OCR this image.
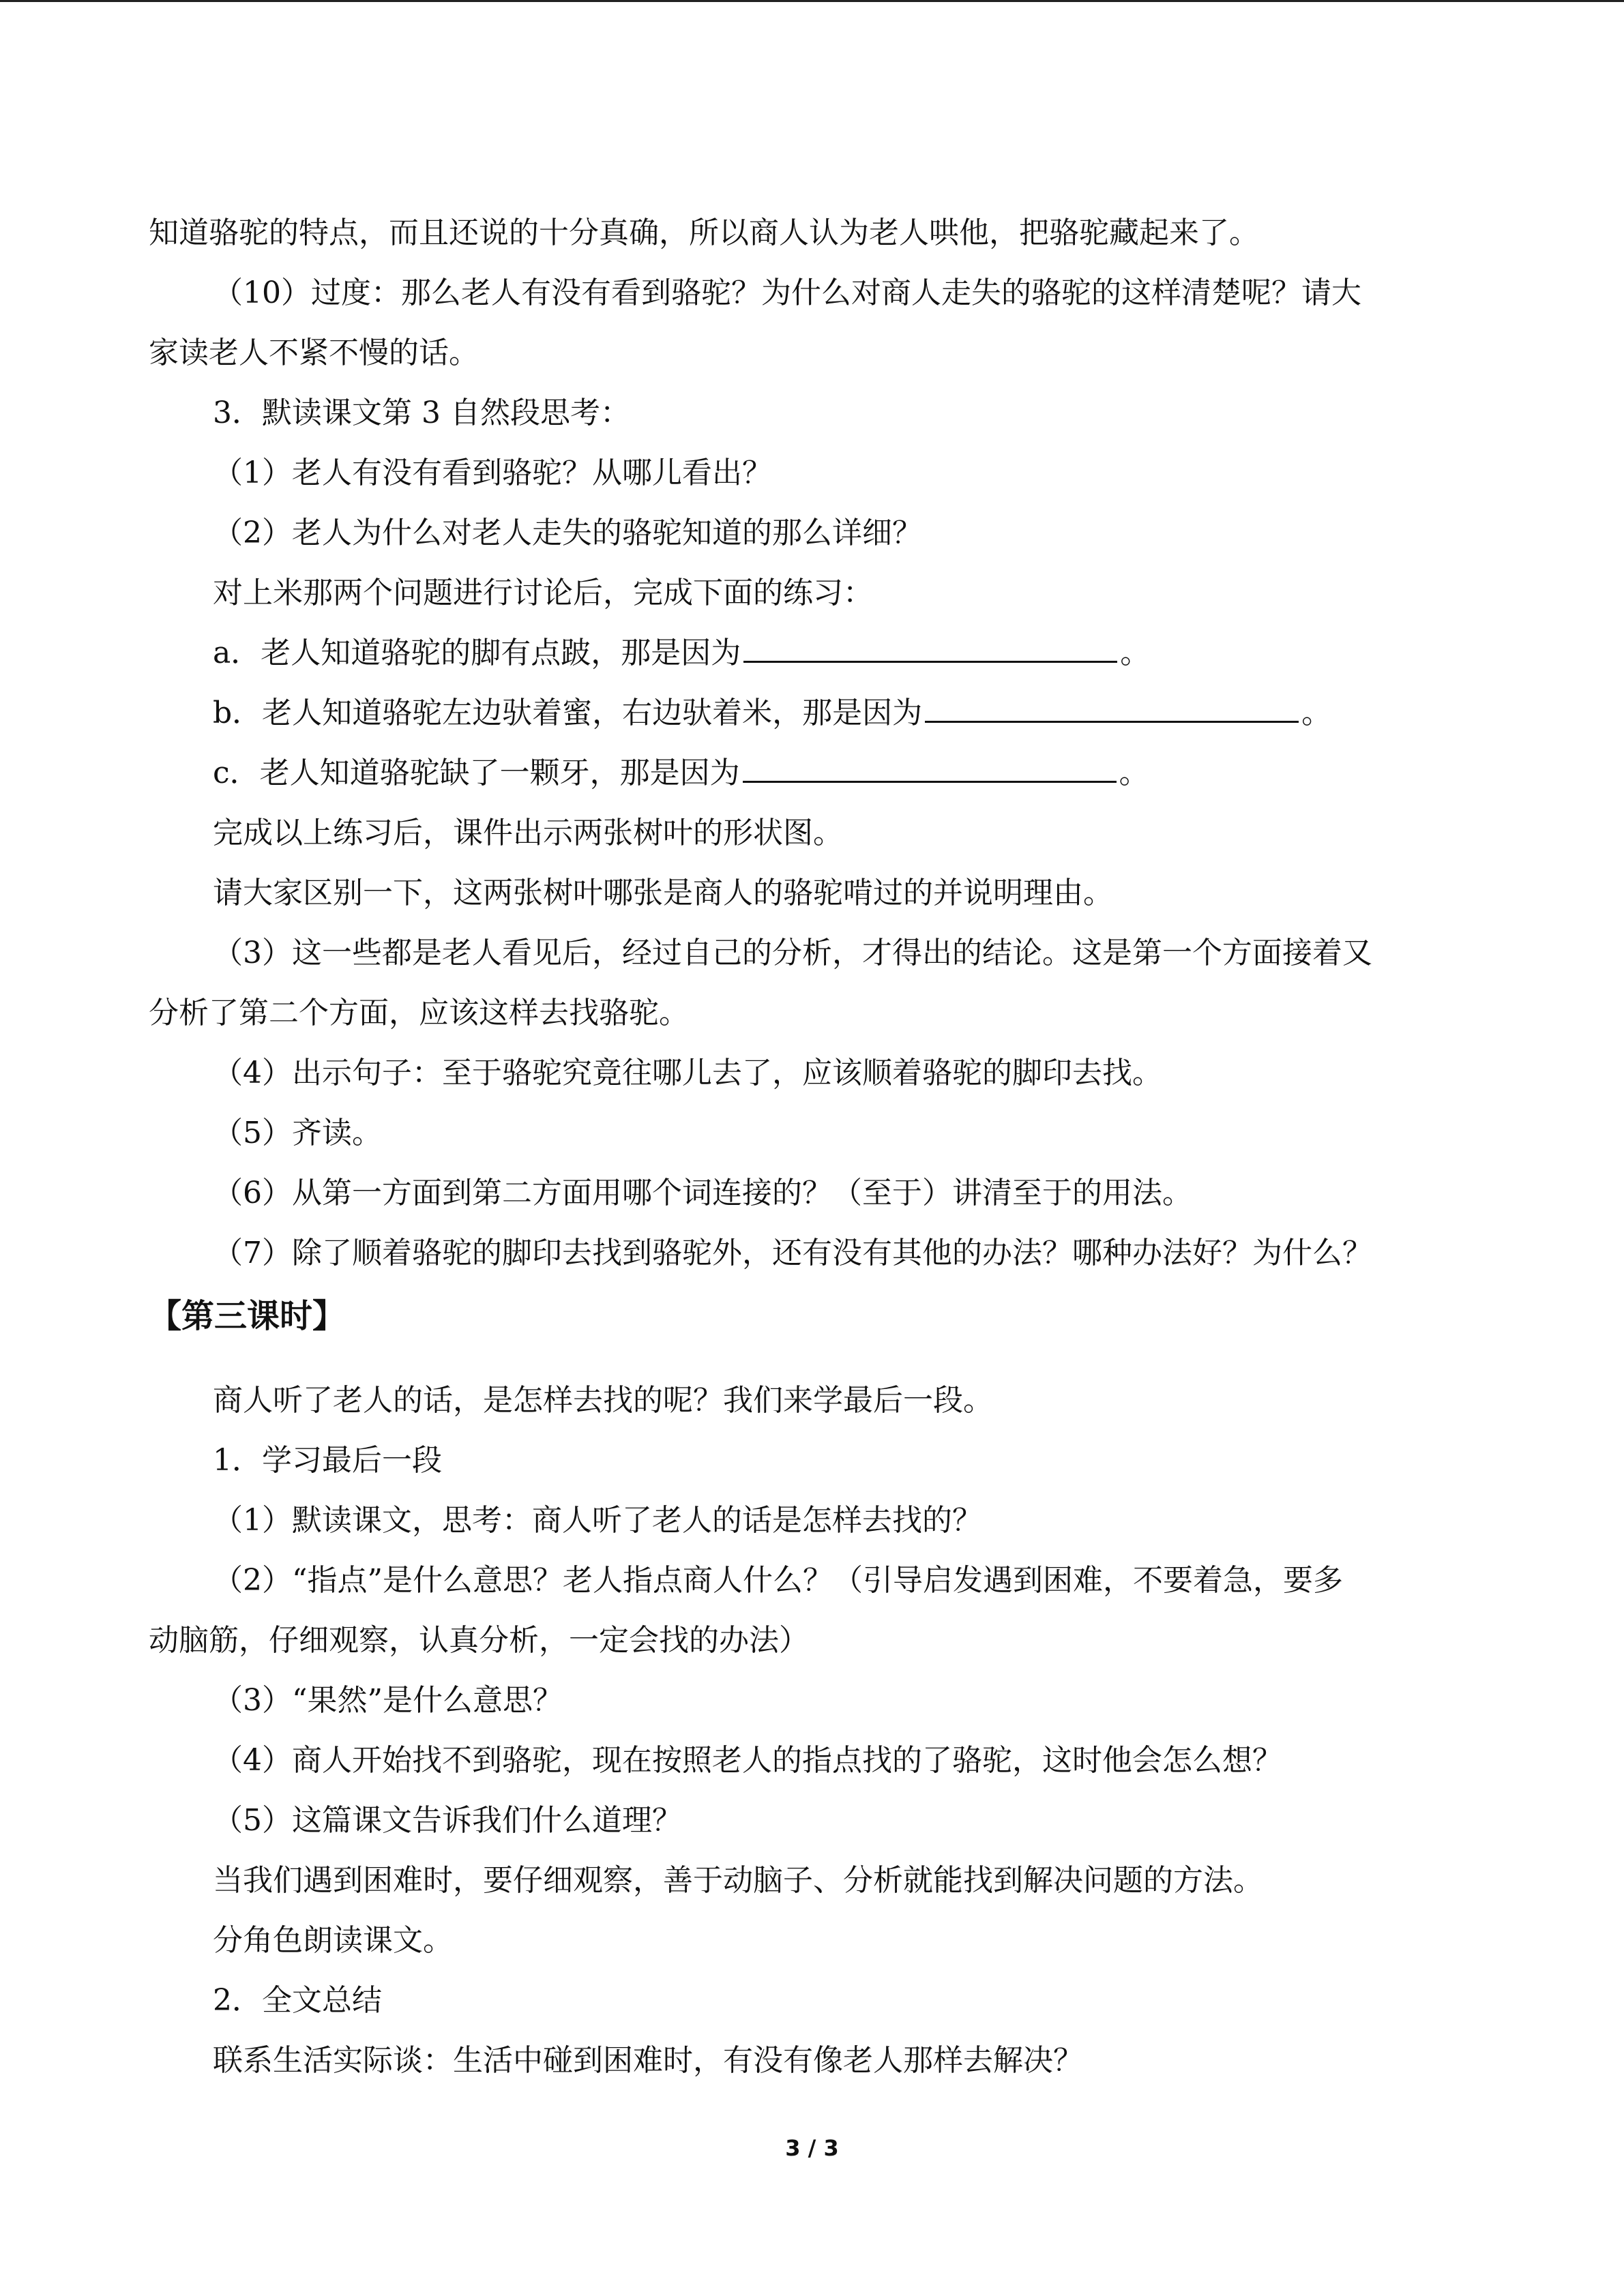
知道骆驼的特点，而且还说的十分真确，所以商人认为老人哄他，把骆驼藏起来了。
（10）过度：那么老人有没有看到骆驼？为什么对商人走失的骆驼的这样清楚呢？请大
家读老人不紧不慢的话。
3．默读课文第 3 自然段思考：
（1）老人有没有看到骆驼？从哪儿看出？
（2）老人为什么对老人走失的骆驼知道的那么详细？
对上米那两个问题进行讨论后，完成下面的练习：
a．老人知道骆驼的脚有点跛，那是因为	。
b．老人知道骆驼左边驮着蜜，右边驮着米，那是因为	。
c．老人知道骆驼缺了一颗牙，那是因为	。
完成以上练习后，课件出示两张树叶的形状图。
请大家区别一下，这两张树叶哪张是商人的骆驼啃过的并说明理由。
（3）这一些都是老人看见后，经过自己的分析，才得出的结论。这是第一个方面接着又
分析了第二个方面，应该这样去找骆驼。
（4）出示句子：至于骆驼究竟往哪儿去了，应该顺着骆驼的脚印去找。
（5）齐读。
（6）从第一方面到第二方面用哪个词连接的？（至于）讲清至于的用法。
（7）除了顺着骆驼的脚印去找到骆驼外，还有没有其他的办法？哪种办法好？为什么？
【第三课时】
商人听了老人的话，是怎样去找的呢？我们来学最后一段。
1．学习最后一段
（1）默读课文，思考：商人听了老人的话是怎样去找的？
（2）“指点”是什么意思？老人指点商人什么？（引导启发遇到困难，不要着急，要多
动脑筋，仔细观察，认真分析，一定会找的办法）
（3）“果然”是什么意思？
（4）商人开始找不到骆驼，现在按照老人的指点找的了骆驼，这时他会怎么想？
（5）这篇课文告诉我们什么道理？
当我们遇到困难时，要仔细观察，善于动脑子、分析就能找到解决问题的方法。
分角色朗读课文。
2．全文总结
联系生活实际谈：生活中碰到困难时，有没有像老人那样去解决？
3 / 3
